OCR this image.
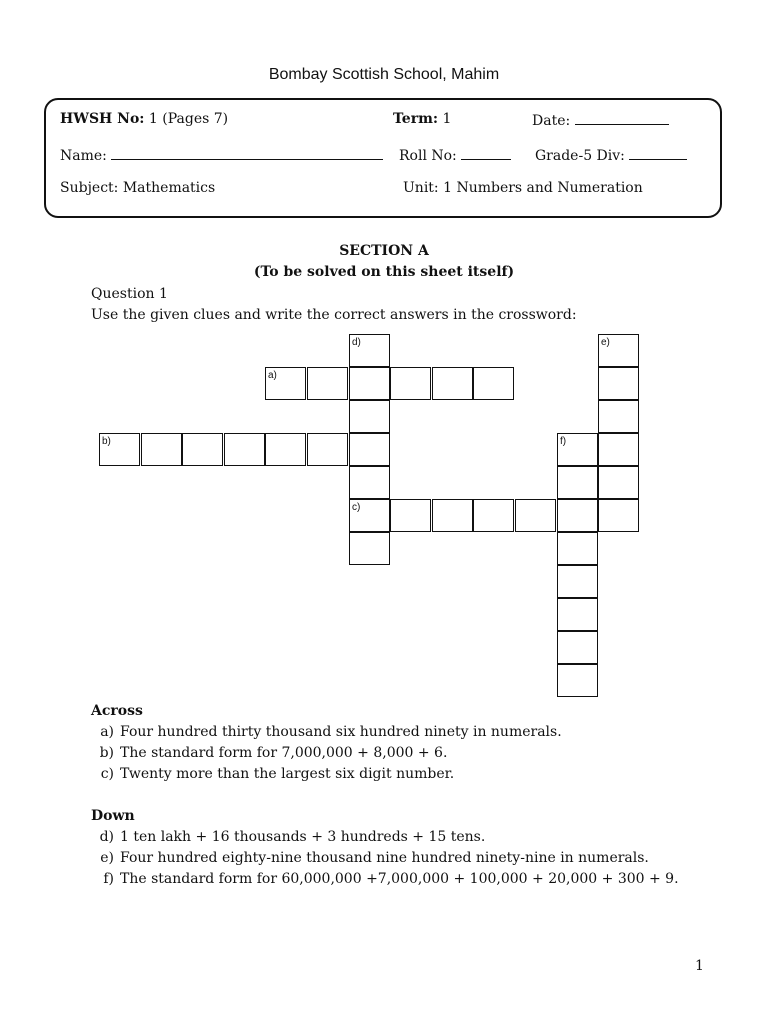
Bombay Scottish School, Mahim
HWSH No: 1 (Pages 7)	Term: 1	Date:
Name:	Roll No:	Grade-5 Div:
Subject: Mathematics	Unit: 1 Numbers and Numeration
SECTION A
(To be solved on this sheet itself)
Question 1
Use the given clues and write the correct answers in the crossword:
a)
b)
c)
d)	e)
f)
Across
a) Four hundred thirty thousand six hundred ninety in numerals.
b) The standard form for 7,000,000 + 8,000 + 6.
c) Twenty more than the largest six digit number.
Down
d) 1 ten lakh + 16 thousands + 3 hundreds + 15 tens.
e) Four hundred eighty-nine thousand nine hundred ninety-nine in numerals.
f) The standard form for 60,000,000 +7,000,000 + 100,000 + 20,000 + 300 + 9.
1
